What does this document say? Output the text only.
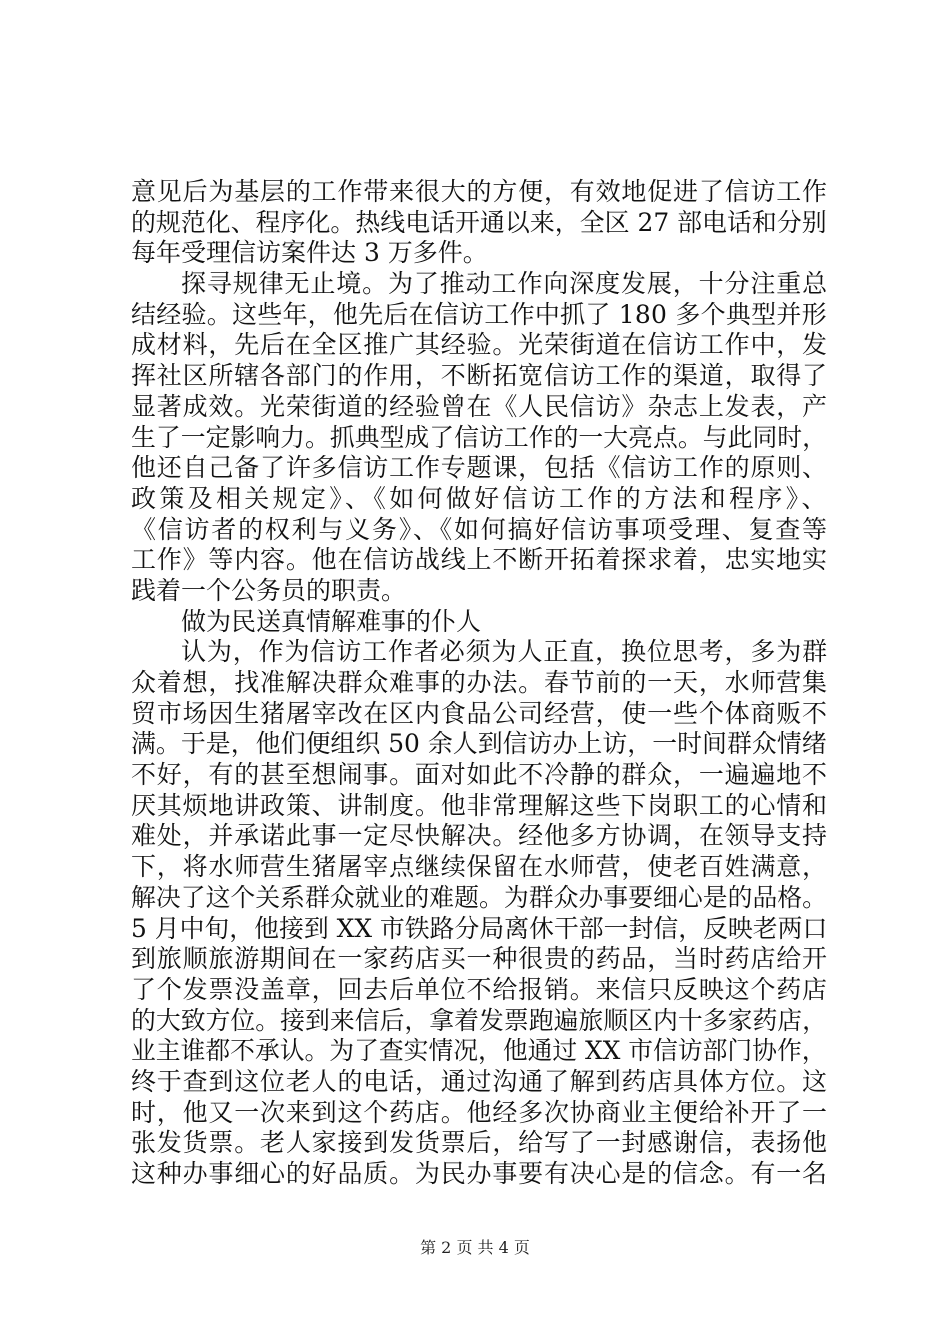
意见后为基层的工作带来很大的方便，有效地促进了信访工作
的规范化、程序化。热线电话开通以来，全区 27 部电话和分别
每年受理信访案件达 3 万多件。
探寻规律无止境。为了推动工作向深度发展，十分注重总
结经验。这些年，他先后在信访工作中抓了 180 多个典型并形
成材料，先后在全区推广其经验。光荣街道在信访工作中，发
挥社区所辖各部门的作用，不断拓宽信访工作的渠道，取得了
显著成效。光荣街道的经验曾在《人民信访》杂志上发表，产
生了一定影响力。抓典型成了信访工作的一大亮点。与此同时，
他还自己备了许多信访工作专题课，包括《信访工作的原则、
政策及相关规定》、《如何做好信访工作的方法和程序》、
《信访者的权利与义务》、《如何搞好信访事项受理、复查等
工作》等内容。他在信访战线上不断开拓着探求着，忠实地实
践着一个公务员的职责。
做为民送真情解难事的仆人
认为，作为信访工作者必须为人正直，换位思考，多为群
众着想，找准解决群众难事的办法。春节前的一天，水师营集
贸市场因生猪屠宰改在区内食品公司经营，使一些个体商贩不
满。于是，他们便组织 50 余人到信访办上访，一时间群众情绪
不好，有的甚至想闹事。面对如此不冷静的群众，一遍遍地不
厌其烦地讲政策、讲制度。他非常理解这些下岗职工的心情和
难处，并承诺此事一定尽快解决。经他多方协调，在领导支持
下，将水师营生猪屠宰点继续保留在水师营，使老百姓满意，
解决了这个关系群众就业的难题。为群众办事要细心是的品格。
5 月中旬，他接到 XX 市铁路分局离休干部一封信，反映老两口
到旅顺旅游期间在一家药店买一种很贵的药品，当时药店给开
了个发票没盖章，回去后单位不给报销。来信只反映这个药店
的大致方位。接到来信后，拿着发票跑遍旅顺区内十多家药店，
业主谁都不承认。为了查实情况，他通过 XX 市信访部门协作，
终于查到这位老人的电话，通过沟通了解到药店具体方位。这
时，他又一次来到这个药店。他经多次协商业主便给补开了一
张发货票。老人家接到发货票后，给写了一封感谢信，表扬他
这种办事细心的好品质。为民办事要有决心是的信念。有一名
第 2 页 共 4 页
